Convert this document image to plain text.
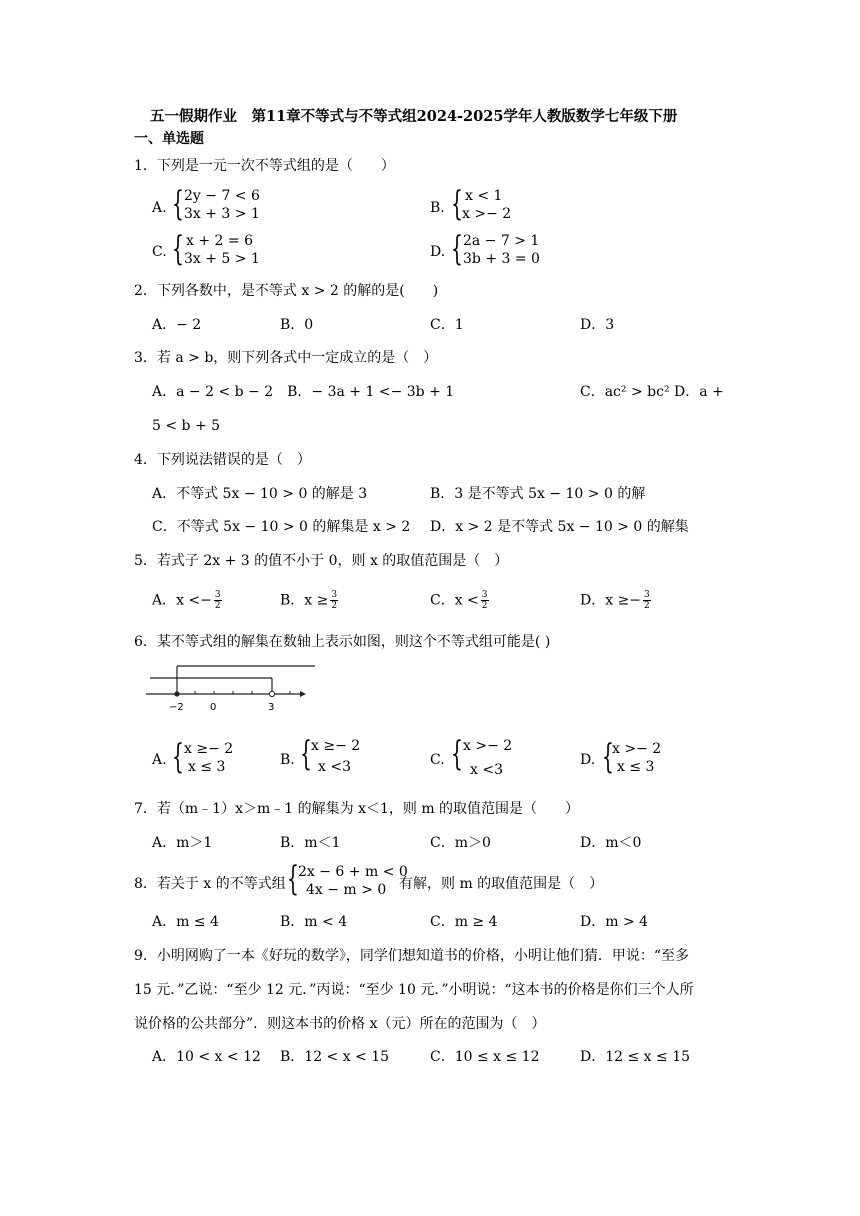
五一假期作业　第11章不等式与不等式组2024-2025学年人教版数学七年级下册
一、单选题
1．下列是一元一次不等式组的是（　　）
A. { 2y − 7 < 6
3x + 3 > 1	B. { x < 1
x >− 2
C. { x + 2 = 6
3x + 5 > 1	D. { 2a − 7 > 1
3b + 3 = 0
2．下列各数中，是不等式 x > 2 的解的是(　　)
A．− 2	B．0	C．1	D．3
3．若 a > b，则下列各式中一定成立的是（　）
A．a − 2 < b − 2　B．− 3a + 1 <− 3b + 1	C．ac² > bc² D．a +
5 < b + 5
4．下列说法错误的是（　）
A．不等式 5x − 10 > 0 的解是 3	B．3 是不等式 5x − 10 > 0 的解
C．不等式 5x − 10 > 0 的解集是 x > 2 D．x > 2 是不等式 5x − 10 > 0 的解集
5．若式子 2x + 3 的值不小于 0，则 x 的取值范围是（　）
A．$x <- \frac{3}{2}$	B．$x \ge \frac{3}{2}$	C．$x < \frac{3}{2}$	D．$x \ge- \frac{3}{2}$
6．某不等式组的解集在数轴上表示如图，则这个不等式组可能是( )
−2	0	3
A. { x ≥− 2
x ≤ 3	B. { x ≥− 2
x <3	C. { x >− 2
x <3
D. {
x >− 2
x ≤ 3
7．若（m﹣1）x＞m﹣1 的解集为 x＜1，则 m 的取值范围是（　　）
A．m＞1	B．m＜1	C．m＞0	D．m＜0
8．若关于 x 的不等式组 { 2x − 6 + m < 0
4x − m > 0 有解，则 m 的取值范围是（　）
A．m ≤ 4	B．m < 4	C．m ≥ 4	D．m > 4
9．小明网购了一本《好玩的数学》，同学们想知道书的价格，小明让他们猜．甲说：“至多
15 元．”乙说：“至少 12 元．”丙说：“至少 10 元．”小明说：“这本书的价格是你们三个人所
说价格的公共部分”．则这本书的价格 x（元）所在的范围为（　）
A．10 < x < 12 B．12 < x < 15	C．10 ≤ x ≤ 12	D．12 ≤ x ≤ 15
